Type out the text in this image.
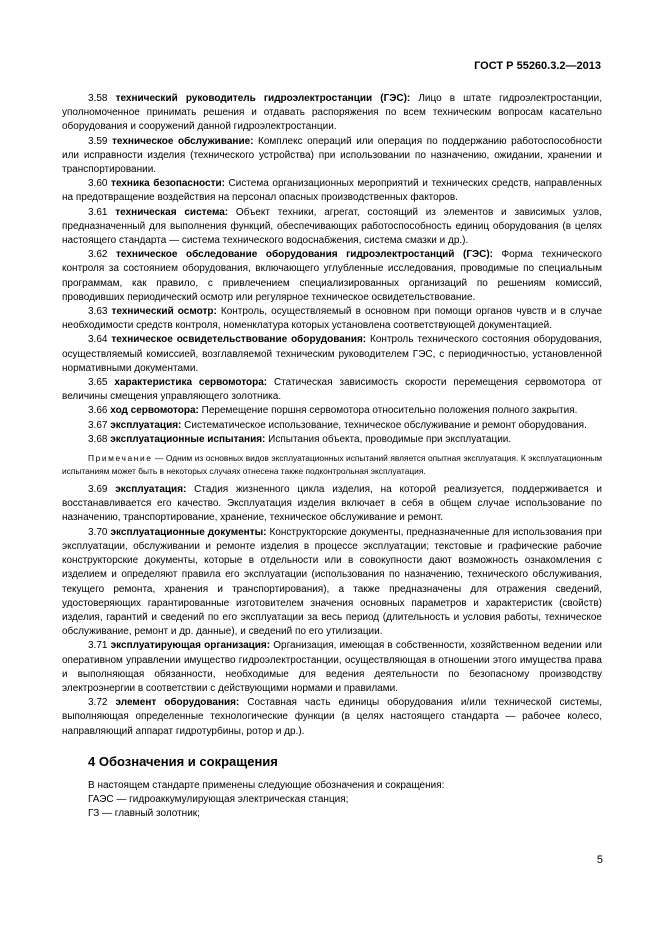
ГОСТ Р 55260.3.2—2013

3.58 технический руководитель гидроэлектростанции (ГЭС): Лицо в штате гидроэлектростанции, уполномоченное принимать решения и отдавать распоряжения по всем техническим вопросам касательно оборудования и сооружений данной гидроэлектростанции.

3.59 техническое обслуживание: Комплекс операций или операция по поддержанию работоспособности или исправности изделия (технического устройства) при использовании по назначению, ожидании, хранении и транспортировании.

3.60 техника безопасности: Система организационных мероприятий и технических средств, направленных на предотвращение воздействия на персонал опасных производственных факторов.

3.61 техническая система: Объект техники, агрегат, состоящий из элементов и зависимых узлов, предназначенный для выполнения функций, обеспечивающих работоспособность единиц оборудования (в целях настоящего стандарта — система технического водоснабжения, система смазки и др.).

3.62 техническое обследование оборудования гидроэлектростанций (ГЭС): Форма технического контроля за состоянием оборудования, включающего углубленные исследования, проводимые по специальным программам, как правило, с привлечением специализированных организаций по решениям комиссий, проводивших периодический осмотр или регулярное техническое освидетельствование.

3.63 технический осмотр: Контроль, осуществляемый в основном при помощи органов чувств и в случае необходимости средств контроля, номенклатура которых установлена соответствующей документацией.

3.64 техническое освидетельствование оборудования: Контроль технического состояния оборудования, осуществляемый комиссией, возглавляемой техническим руководителем ГЭС, с периодичностью, установленной нормативными документами.

3.65 характеристика сервомотора: Статическая зависимость скорости перемещения сервомотора от величины смещения управляющего золотника.

3.66 ход сервомотора: Перемещение поршня сервомотора относительно положения полного закрытия.

3.67 эксплуатация: Систематическое использование, техническое обслуживание и ремонт оборудования.

3.68 эксплуатационные испытания: Испытания объекта, проводимые при эксплуатации.

Примечание — Одним из основных видов эксплуатационных испытаний является опытная эксплуатация. К эксплуатационным испытаниям может быть в некоторых случаях отнесена также подконтрольная эксплуатация.

3.69 эксплуатация: Стадия жизненного цикла изделия, на которой реализуется, поддерживается и восстанавливается его качество. Эксплуатация изделия включает в себя в общем случае использование по назначению, транспортирование, хранение, техническое обслуживание и ремонт.

3.70 эксплуатационные документы: Конструкторские документы, предназначенные для использования при эксплуатации, обслуживании и ремонте изделия в процессе эксплуатации; текстовые и графические рабочие конструкторские документы, которые в отдельности или в совокупности дают возможность ознакомления с изделием и определяют правила его эксплуатации (использования по назначению, технического обслуживания, текущего ремонта, хранения и транспортирования), а также предназначены для отражения сведений, удостоверяющих гарантированные изготовителем значения основных параметров и характеристик (свойств) изделия, гарантий и сведений по его эксплуатации за весь период (длительность и условия работы, техническое обслуживание, ремонт и др. данные), и сведений по его утилизации.

3.71 эксплуатирующая организация: Организация, имеющая в собственности, хозяйственном ведении или оперативном управлении имущество гидроэлектростанции, осуществляющая в отношении этого имущества права и выполняющая обязанности, необходимые для ведения деятельности по безопасному производству электроэнергии в соответствии с действующими нормами и правилами.

3.72 элемент оборудования: Составная часть единицы оборудования и/или технической системы, выполняющая определенные технологические функции (в целях настоящего стандарта — рабочее колесо, направляющий аппарат гидротурбины, ротор и др.).

4 Обозначения и сокращения

В настоящем стандарте применены следующие обозначения и сокращения:

ГАЭС — гидроаккумулирующая электрическая станция;

ГЗ — главный золотник;

5
